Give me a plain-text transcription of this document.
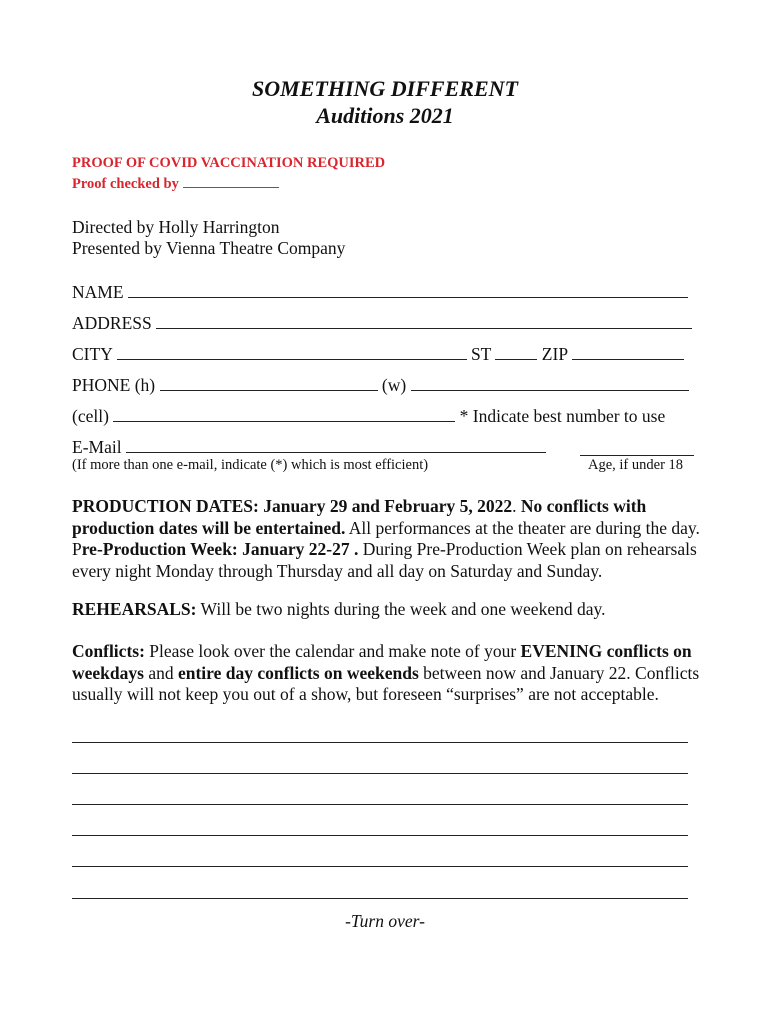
SOMETHING DIFFERENT
Auditions 2021
PROOF OF COVID VACCINATION REQUIRED
Proof checked by
Directed by Holly Harrington
Presented by Vienna Theatre Company
NAME
ADDRESS
CITY	ST	ZIP
PHONE (h)	(w)
(cell)	* Indicate best number to use
E-Mail
(If more than one e-mail, indicate (*) which is most efficient)	Age, if under 18
PRODUCTION DATES: January 29 and February 5, 2022. No conflicts with production dates will be entertained. All performances at the theater are during the day. Pre-Production Week: January 22-27 . During Pre-Production Week plan on rehearsals every night Monday through Thursday and all day on Saturday and Sunday.
REHEARSALS: Will be two nights during the week and one weekend day.
Conflicts: Please look over the calendar and make note of your EVENING conflicts on weekdays and entire day conflicts on weekends between now and January 22. Conflicts usually will not keep you out of a show, but foreseen “surprises” are not acceptable.
-Turn over-
